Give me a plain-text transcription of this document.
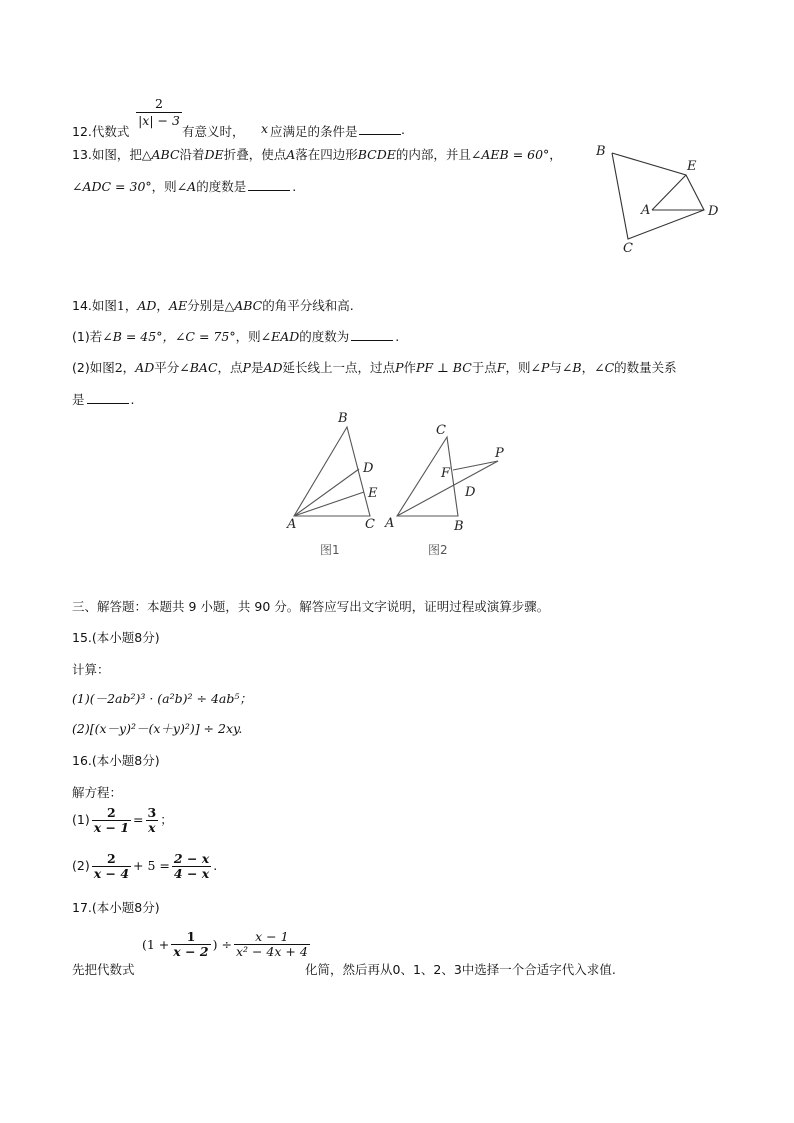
12.代数式
$\frac{2}{|x| - 3}$
有意义时， x 应满足的条件是	.
13.如图，把△ABC沿着DE折叠，使点A落在四边形BCDE的内部，并且∠AEB = 60°，
∠ADC = 30°，则∠A的度数是	.
B
E
A	D
C
14.如图1，AD，AE分别是△ABC的角平分线和高.
(1)若∠B = 45°，∠C = 75°，则∠EAD的度数为	.
(2)如图2，AD平分∠BAC，点P是AD延长线上一点，过点P作PF ⊥ BC于点F，则∠P与∠B，∠C的数量关系
是	.
B
D
E
A	C
图1
C
P
F
D
A	B
图2
三、解答题：本题共 9 小题，共 90 分。解答应写出文字说明，证明过程或演算步骤。
15.(本小题8分)
计算：
(1)(－2ab²)³ · (a²b)² ÷ 4ab⁵；
(2)[(x－y)²－(x＋y)²)] ÷ 2xy.
16.(本小题8分)
解方程：
$(1) \frac{2}{x - 1} = \frac{3}{x}$ ；
$(2) \frac{2}{x - 4} + 5 = \frac{2 - x}{4 - x}$ .
17.(本小题8分)
($1 + \frac{1}{x - 2}$ ) ÷ $\frac{x - 1}{\text{x² − 4x + 4}}$
先把代数式	化简，然后再从0、1、2、3中选择一个合适字代入求值.
